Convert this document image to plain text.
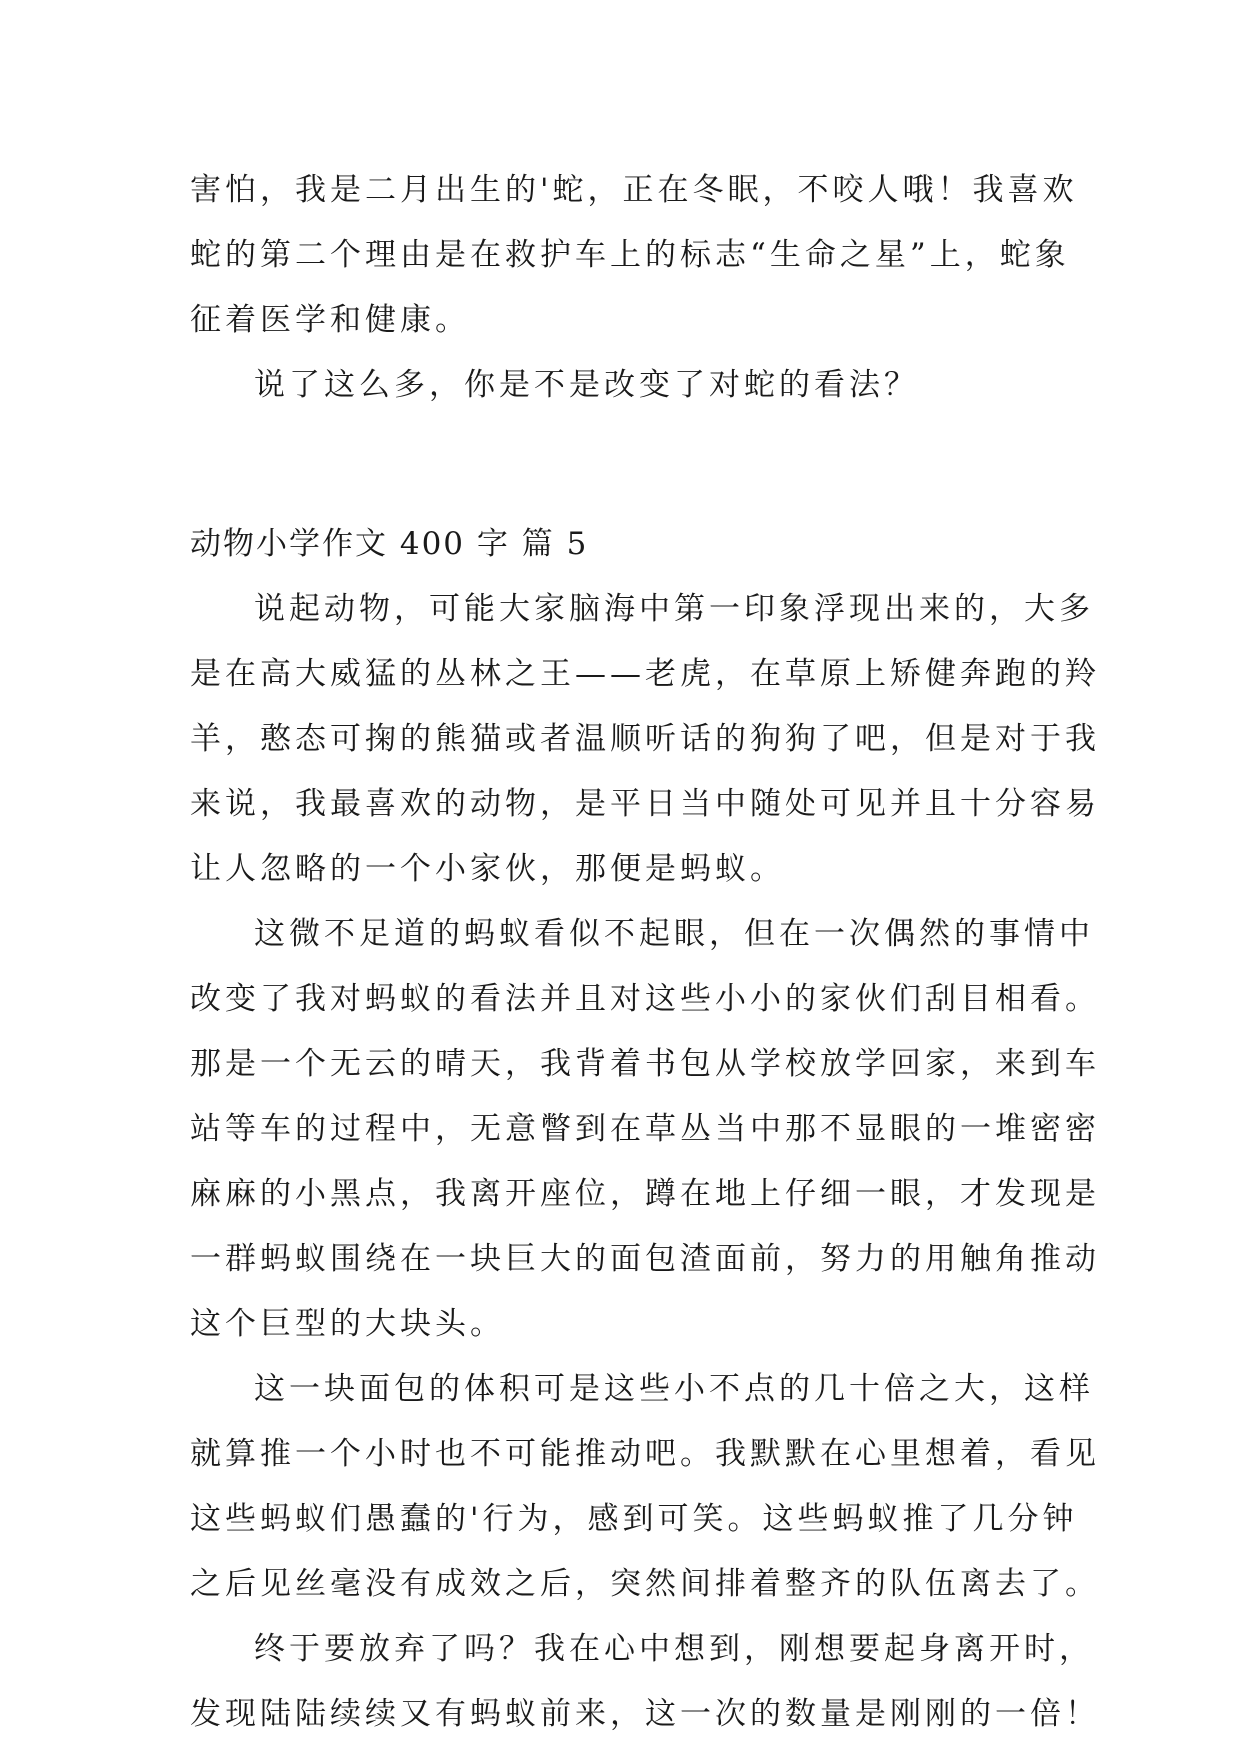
害怕，我是二月出生的'蛇，正在冬眠，不咬人哦！我喜欢
蛇的第二个理由是在救护车上的标志“生命之星”上，蛇象
征着医学和健康。
说了这么多，你是不是改变了对蛇的看法？
动物小学作文 400 字 篇 5
说起动物，可能大家脑海中第一印象浮现出来的，大多
是在高大威猛的丛林之王——老虎，在草原上矫健奔跑的羚
羊，憨态可掬的熊猫或者温顺听话的狗狗了吧，但是对于我
来说，我最喜欢的动物，是平日当中随处可见并且十分容易
让人忽略的一个小家伙，那便是蚂蚁。
这微不足道的蚂蚁看似不起眼，但在一次偶然的事情中
改变了我对蚂蚁的看法并且对这些小小的家伙们刮目相看。
那是一个无云的晴天，我背着书包从学校放学回家，来到车
站等车的过程中，无意瞥到在草丛当中那不显眼的一堆密密
麻麻的小黑点，我离开座位，蹲在地上仔细一眼，才发现是
一群蚂蚁围绕在一块巨大的面包渣面前，努力的用触角推动
这个巨型的大块头。
这一块面包的体积可是这些小不点的几十倍之大，这样
就算推一个小时也不可能推动吧。我默默在心里想着，看见
这些蚂蚁们愚蠢的'行为，感到可笑。这些蚂蚁推了几分钟
之后见丝毫没有成效之后，突然间排着整齐的队伍离去了。
终于要放弃了吗？我在心中想到，刚想要起身离开时，
发现陆陆续续又有蚂蚁前来，这一次的数量是刚刚的一倍！
